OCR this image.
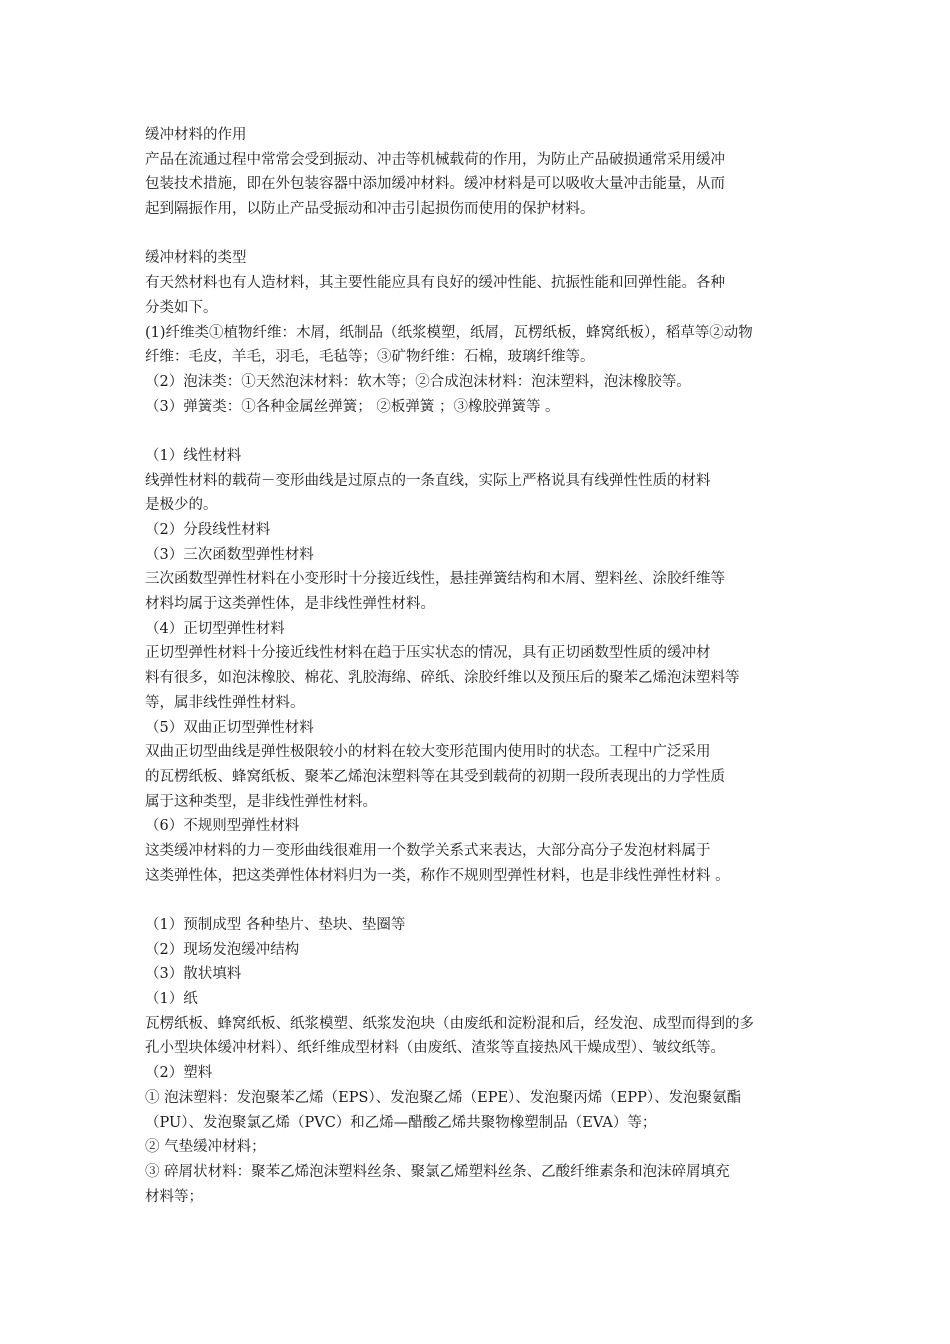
缓冲材料的作用
产品在流通过程中常常会受到振动、冲击等机械载荷的作用，为防止产品破损通常采用缓冲
包装技术措施，即在外包装容器中添加缓冲材料。缓冲材料是可以吸收大量冲击能量，从而
起到隔振作用，以防止产品受振动和冲击引起损伤而使用的保护材料。
缓冲材料的类型
有天然材料也有人造材料，其主要性能应具有良好的缓冲性能、抗振性能和回弹性能。各种
分类如下。
(1)纤维类①植物纤维：木屑，纸制品（纸浆模塑，纸屑，瓦楞纸板，蜂窝纸板），稻草等②动物
纤维：毛皮，羊毛，羽毛，毛毡等；③矿物纤维：石棉，玻璃纤维等。
（2）泡沫类：①天然泡沫材料：软木等；②合成泡沫材料：泡沫塑料，泡沫橡胶等。
（3）弹簧类：①各种金属丝弹簧； ②板弹簧 ；③橡胶弹簧等 。
（1）线性材料
线弹性材料的载荷－变形曲线是过原点的一条直线，实际上严格说具有线弹性性质的材料
是极少的。
（2）分段线性材料
（3）三次函数型弹性材料
三次函数型弹性材料在小变形时十分接近线性，悬挂弹簧结构和木屑、塑料丝、涂胶纤维等
材料均属于这类弹性体，是非线性弹性材料。
（4）正切型弹性材料
正切型弹性材料十分接近线性材料在趋于压实状态的情况，具有正切函数型性质的缓冲材
料有很多，如泡沫橡胶、棉花、乳胶海绵、碎纸、涂胶纤维以及预压后的聚苯乙烯泡沫塑料等
等，属非线性弹性材料。
（5）双曲正切型弹性材料
双曲正切型曲线是弹性极限较小的材料在较大变形范围内使用时的状态。工程中广泛采用
的瓦楞纸板、蜂窝纸板、聚苯乙烯泡沫塑料等在其受到载荷的初期一段所表现出的力学性质
属于这种类型，是非线性弹性材料。
（6）不规则型弹性材料
这类缓冲材料的力－变形曲线很难用一个数学关系式来表达，大部分高分子发泡材料属于
这类弹性体，把这类弹性体材料归为一类，称作不规则型弹性材料，也是非线性弹性材料 。
（1）预制成型 各种垫片、垫块、垫圈等
（2）现场发泡缓冲结构
（3）散状填料
（1）纸
瓦楞纸板、蜂窝纸板、纸浆模塑、纸浆发泡块（由废纸和淀粉混和后，经发泡、成型而得到的多
孔小型块体缓冲材料）、纸纤维成型材料（由废纸、渣浆等直接热风干燥成型）、皱纹纸等。
（2）塑料
① 泡沫塑料：发泡聚苯乙烯（EPS）、发泡聚乙烯（EPE）、发泡聚丙烯（EPP）、发泡聚氨酯
（PU）、发泡聚氯乙烯（PVC）和乙烯—醋酸乙烯共聚物橡塑制品（EVA）等；
② 气垫缓冲材料；
③ 碎屑状材料：聚苯乙烯泡沫塑料丝条、聚氯乙烯塑料丝条、乙酸纤维素条和泡沫碎屑填充
材料等；
